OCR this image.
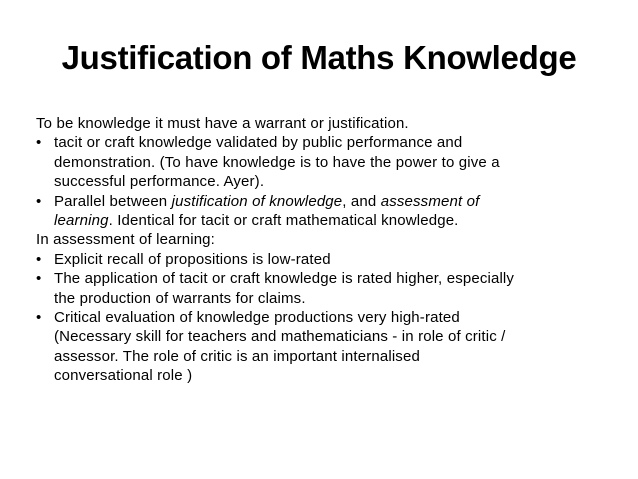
Justification of Maths Knowledge

To be knowledge it must have a warrant or justification.

• tacit or craft knowledge validated by public performance and
demonstration. (To have knowledge is to have the power to give a
successful performance. Ayer).
• Parallel between justification of knowledge, and assessment of
learning. Identical for tacit or craft mathematical knowledge.

In assessment of learning:

• Explicit recall of propositions is low-rated
• The application of tacit or craft knowledge is rated higher, especially
the production of warrants for claims.
• Critical evaluation of knowledge productions very high-rated
(Necessary skill for teachers and mathematicians - in role of critic /
assessor. The role of critic is an important internalised
conversational role )
